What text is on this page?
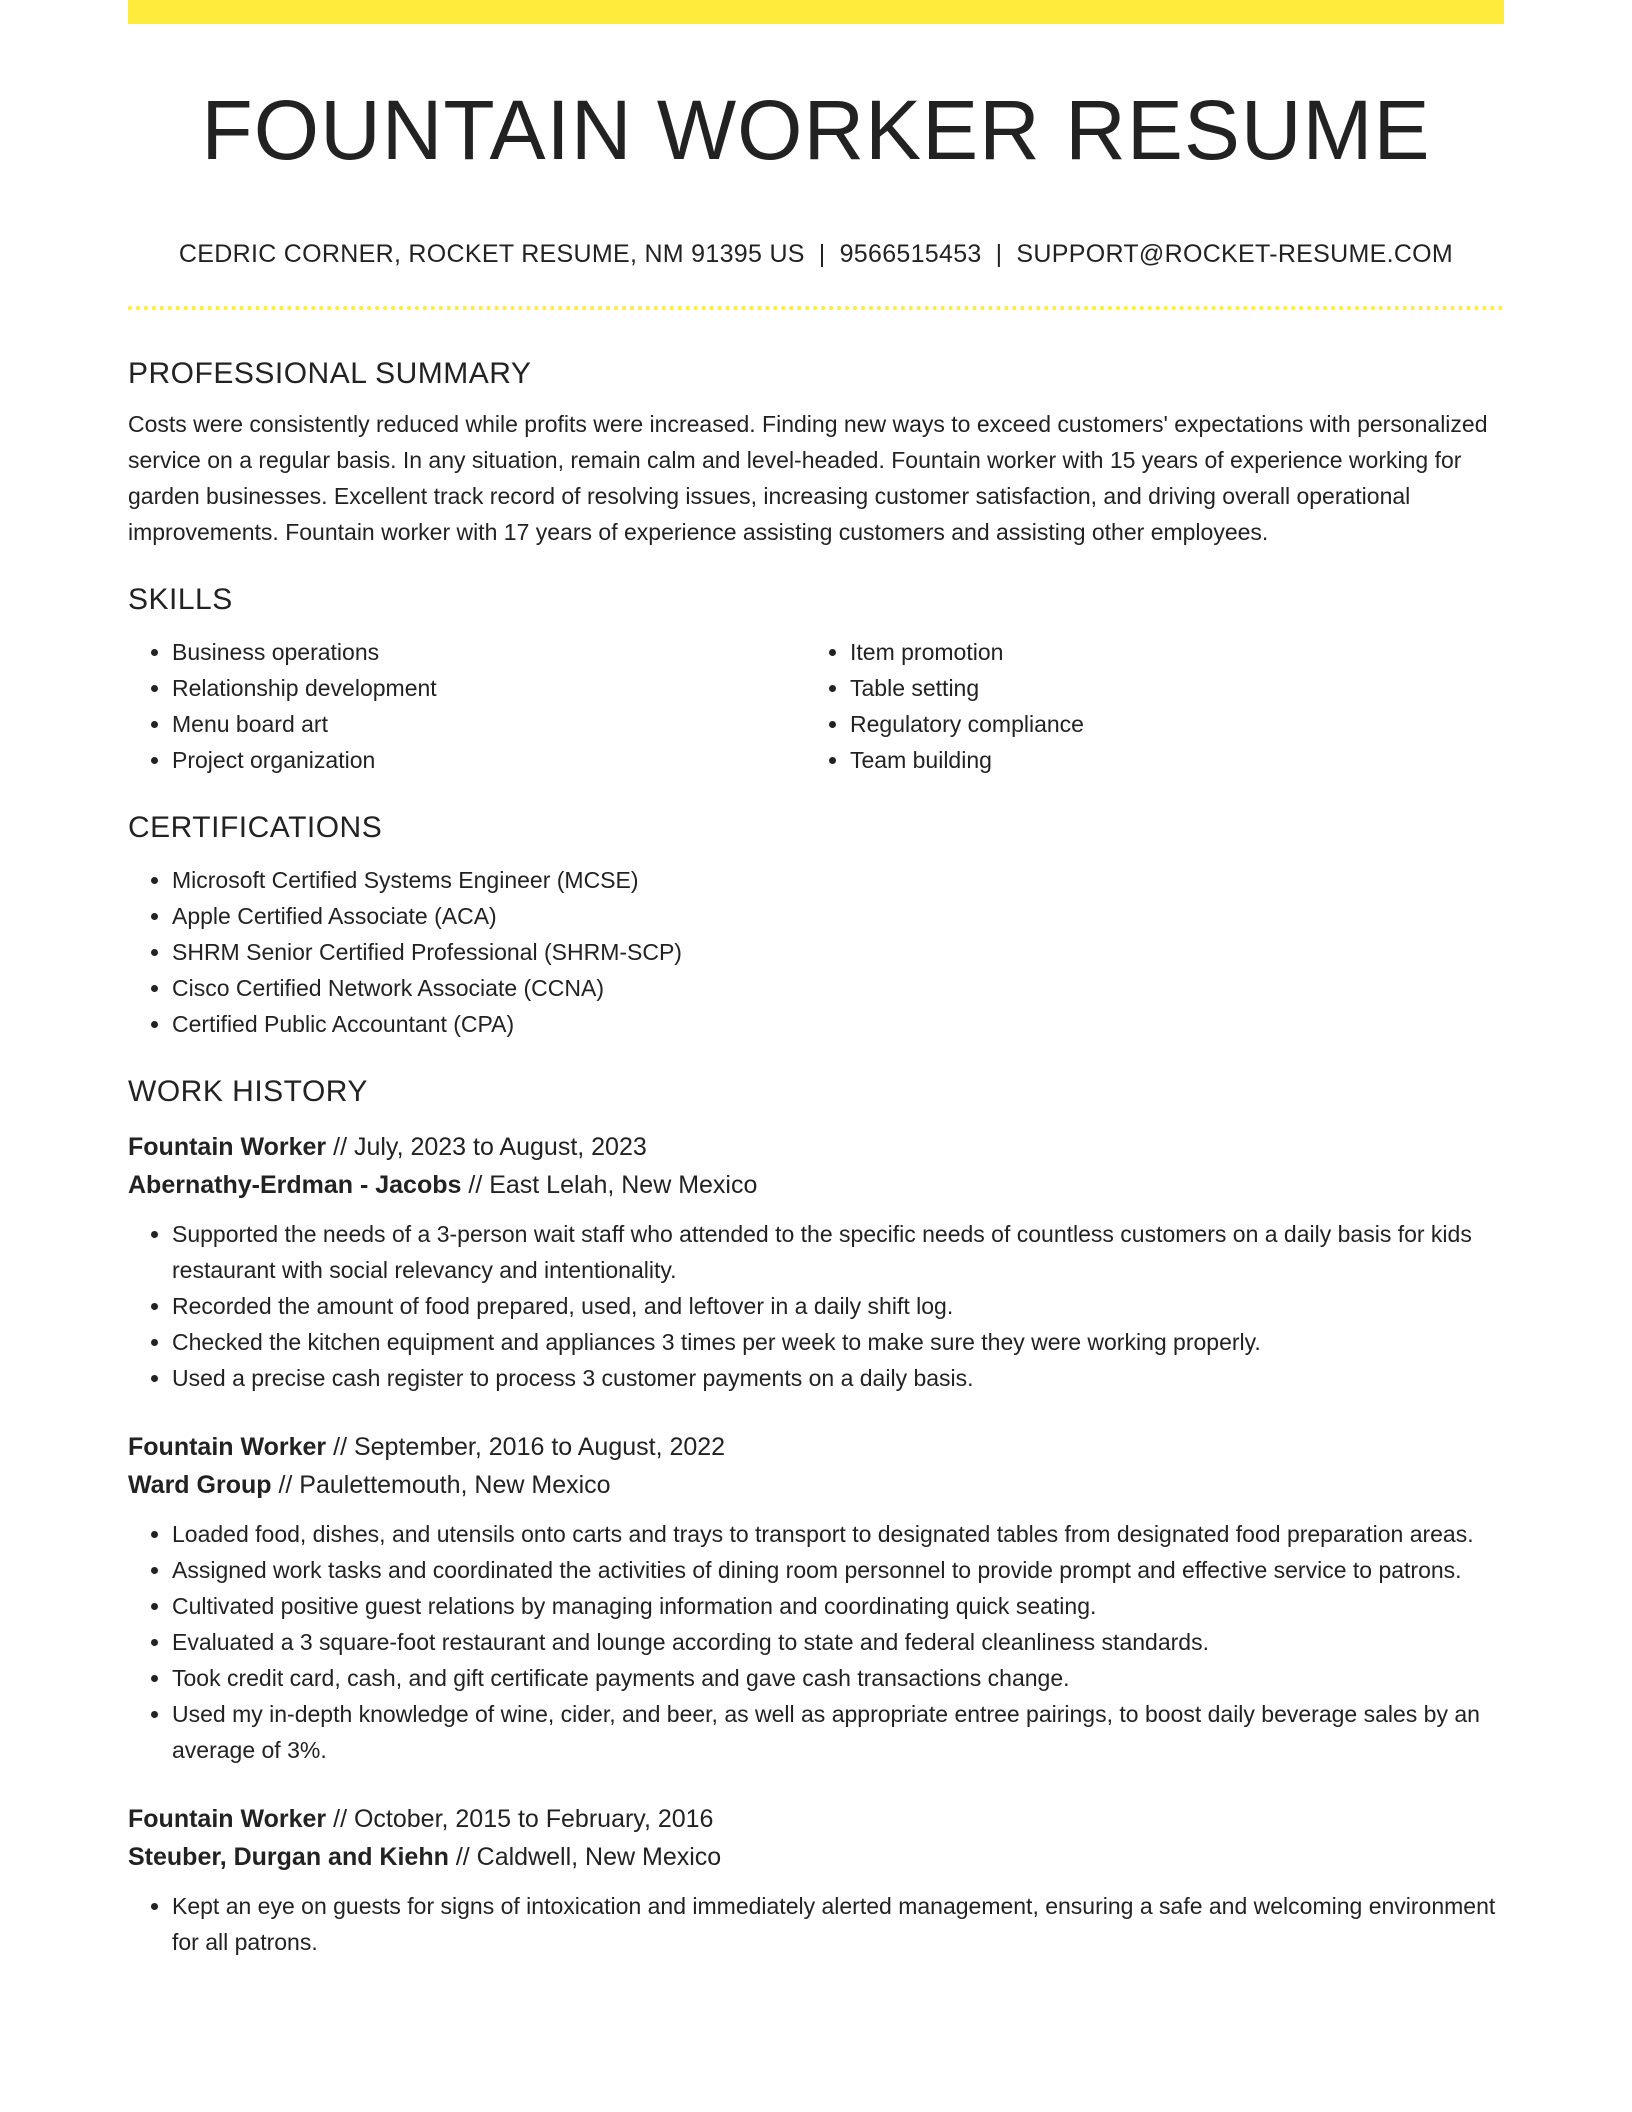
FOUNTAIN WORKER RESUME
CEDRIC CORNER, ROCKET RESUME, NM 91395 US | 9566515453 | SUPPORT@ROCKET-RESUME.COM
PROFESSIONAL SUMMARY

Costs were consistently reduced while profits were increased. Finding new ways to exceed customers' expectations with personalized service on a regular basis. In any situation, remain calm and level-headed. Fountain worker with 15 years of experience working for garden businesses. Excellent track record of resolving issues, increasing customer satisfaction, and driving overall operational improvements. Fountain worker with 17 years of experience assisting customers and assisting other employees.

SKILLS
• Business operations
• Relationship development
• Menu board art
• Project organization
• Item promotion
• Table setting
• Regulatory compliance
• Team building
CERTIFICATIONS
• Microsoft Certified Systems Engineer (MCSE)
• Apple Certified Associate (ACA)
• SHRM Senior Certified Professional (SHRM-SCP)
• Cisco Certified Network Associate (CCNA)
• Certified Public Accountant (CPA)
WORK HISTORY
Fountain Worker // July, 2023 to August, 2023
Abernathy-Erdman - Jacobs // East Lelah, New Mexico
• Supported the needs of a 3-person wait staff who attended to the specific needs of countless customers on a daily basis for kids restaurant with social relevancy and intentionality.
• Recorded the amount of food prepared, used, and leftover in a daily shift log.
• Checked the kitchen equipment and appliances 3 times per week to make sure they were working properly.
• Used a precise cash register to process 3 customer payments on a daily basis.
Fountain Worker // September, 2016 to August, 2022
Ward Group // Paulettemouth, New Mexico
• Loaded food, dishes, and utensils onto carts and trays to transport to designated tables from designated food preparation areas.
• Assigned work tasks and coordinated the activities of dining room personnel to provide prompt and effective service to patrons.
• Cultivated positive guest relations by managing information and coordinating quick seating.
• Evaluated a 3 square-foot restaurant and lounge according to state and federal cleanliness standards.
• Took credit card, cash, and gift certificate payments and gave cash transactions change.
• Used my in-depth knowledge of wine, cider, and beer, as well as appropriate entree pairings, to boost daily beverage sales by an average of 3%.
Fountain Worker // October, 2015 to February, 2016
Steuber, Durgan and Kiehn // Caldwell, New Mexico
• Kept an eye on guests for signs of intoxication and immediately alerted management, ensuring a safe and welcoming environment for all patrons.
